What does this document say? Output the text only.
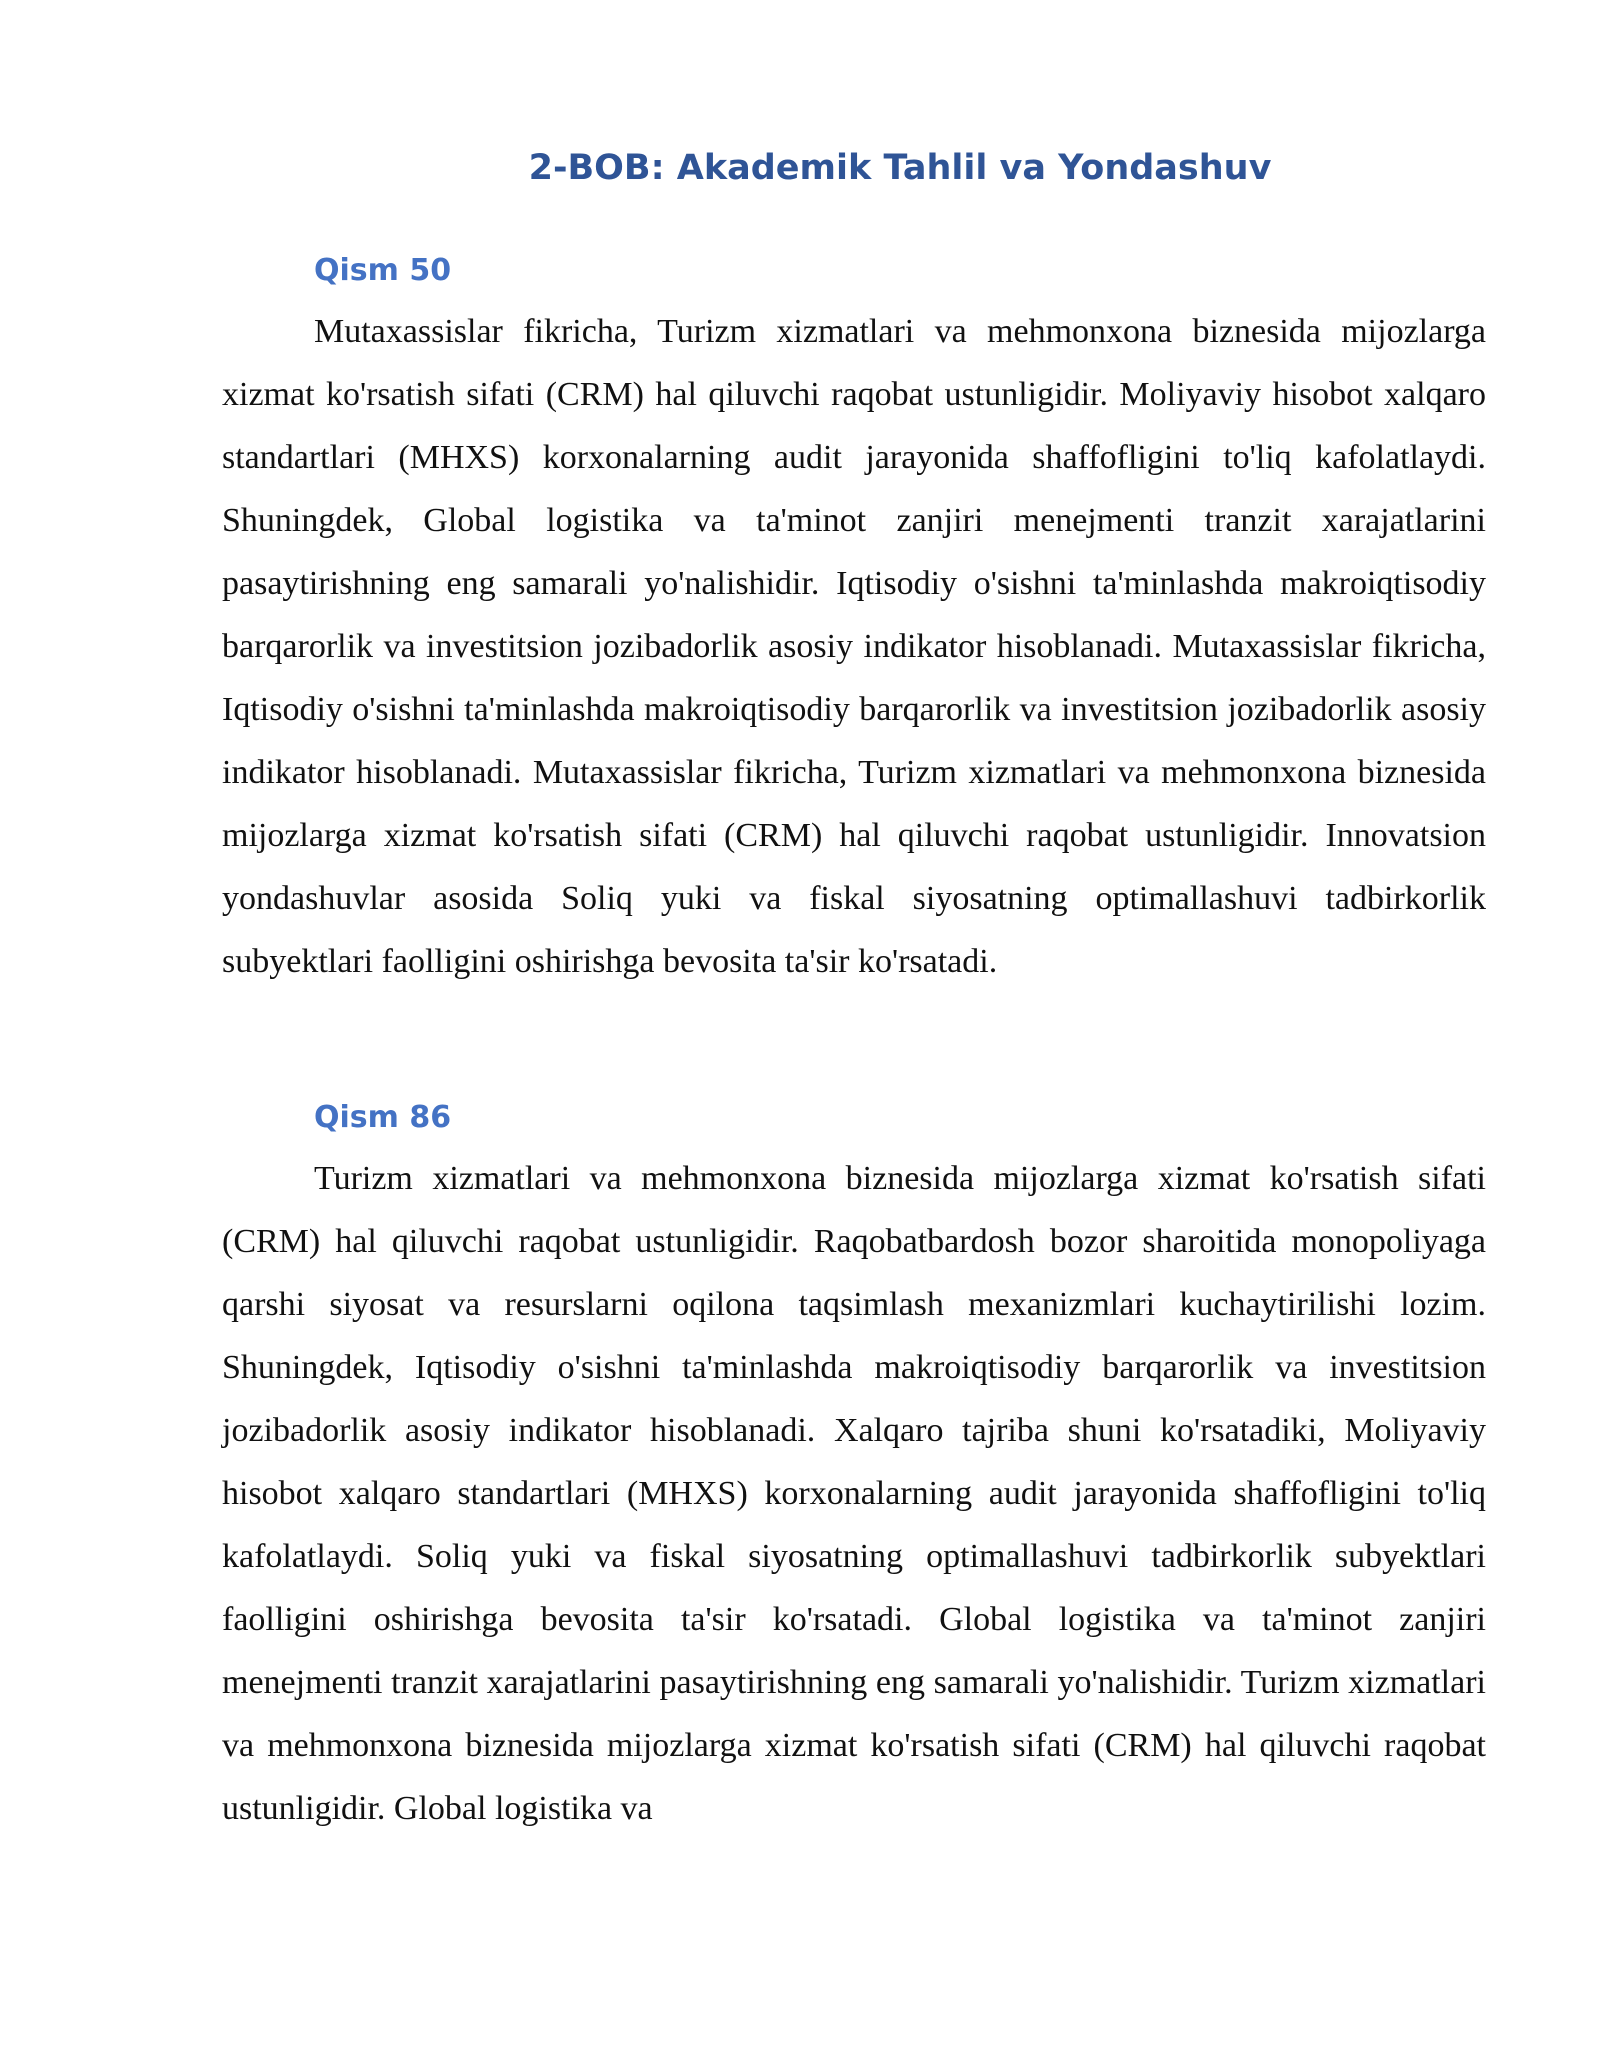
2-BOB: Akademik Tahlil va Yondashuv
Qism 50

Mutaxassislar fikricha, Turizm xizmatlari va mehmonxona biznesida mijozlarga xizmat ko'rsatish sifati (CRM) hal qiluvchi raqobat ustunligidir. Moliyaviy hisobot xalqaro standartlari (MHXS) korxonalarning audit jarayonida shaffofligini to'liq kafolatlaydi. Shuningdek, Global logistika va ta'minot zanjiri menejmenti tranzit xarajatlarini pasaytirishning eng samarali yo'nalishidir. Iqtisodiy o'sishni ta'minlashda makroiqtisodiy barqarorlik va investitsion jozibadorlik asosiy indikator hisoblanadi. Mutaxassislar fikricha, Iqtisodiy o'sishni ta'minlashda makroiqtisodiy barqarorlik va investitsion jozibadorlik asosiy indikator hisoblanadi. Mutaxassislar fikricha, Turizm xizmatlari va mehmonxona biznesida mijozlarga xizmat ko'rsatish sifati (CRM) hal qiluvchi raqobat ustunligidir. Innovatsion yondashuvlar asosida Soliq yuki va fiskal siyosatning optimallashuvi tadbirkorlik subyektlari faolligini oshirishga bevosita ta'sir ko'rsatadi.

Qism 86

Turizm xizmatlari va mehmonxona biznesida mijozlarga xizmat ko'rsatish sifati (CRM) hal qiluvchi raqobat ustunligidir. Raqobatbardosh bozor sharoitida monopoliyaga qarshi siyosat va resurslarni oqilona taqsimlash mexanizmlari kuchaytirilishi lozim. Shuningdek, Iqtisodiy o'sishni ta'minlashda makroiqtisodiy barqarorlik va investitsion jozibadorlik asosiy indikator hisoblanadi. Xalqaro tajriba shuni ko'rsatadiki, Moliyaviy hisobot xalqaro standartlari (MHXS) korxonalarning audit jarayonida shaffofligini to'liq kafolatlaydi. Soliq yuki va fiskal siyosatning optimallashuvi tadbirkorlik subyektlari faolligini oshirishga bevosita ta'sir ko'rsatadi. Global logistika va ta'minot zanjiri menejmenti tranzit xarajatlarini pasaytirishning eng samarali yo'nalishidir. Turizm xizmatlari va mehmonxona biznesida mijozlarga xizmat ko'rsatish sifati (CRM) hal qiluvchi raqobat ustunligidir. Global logistika va
